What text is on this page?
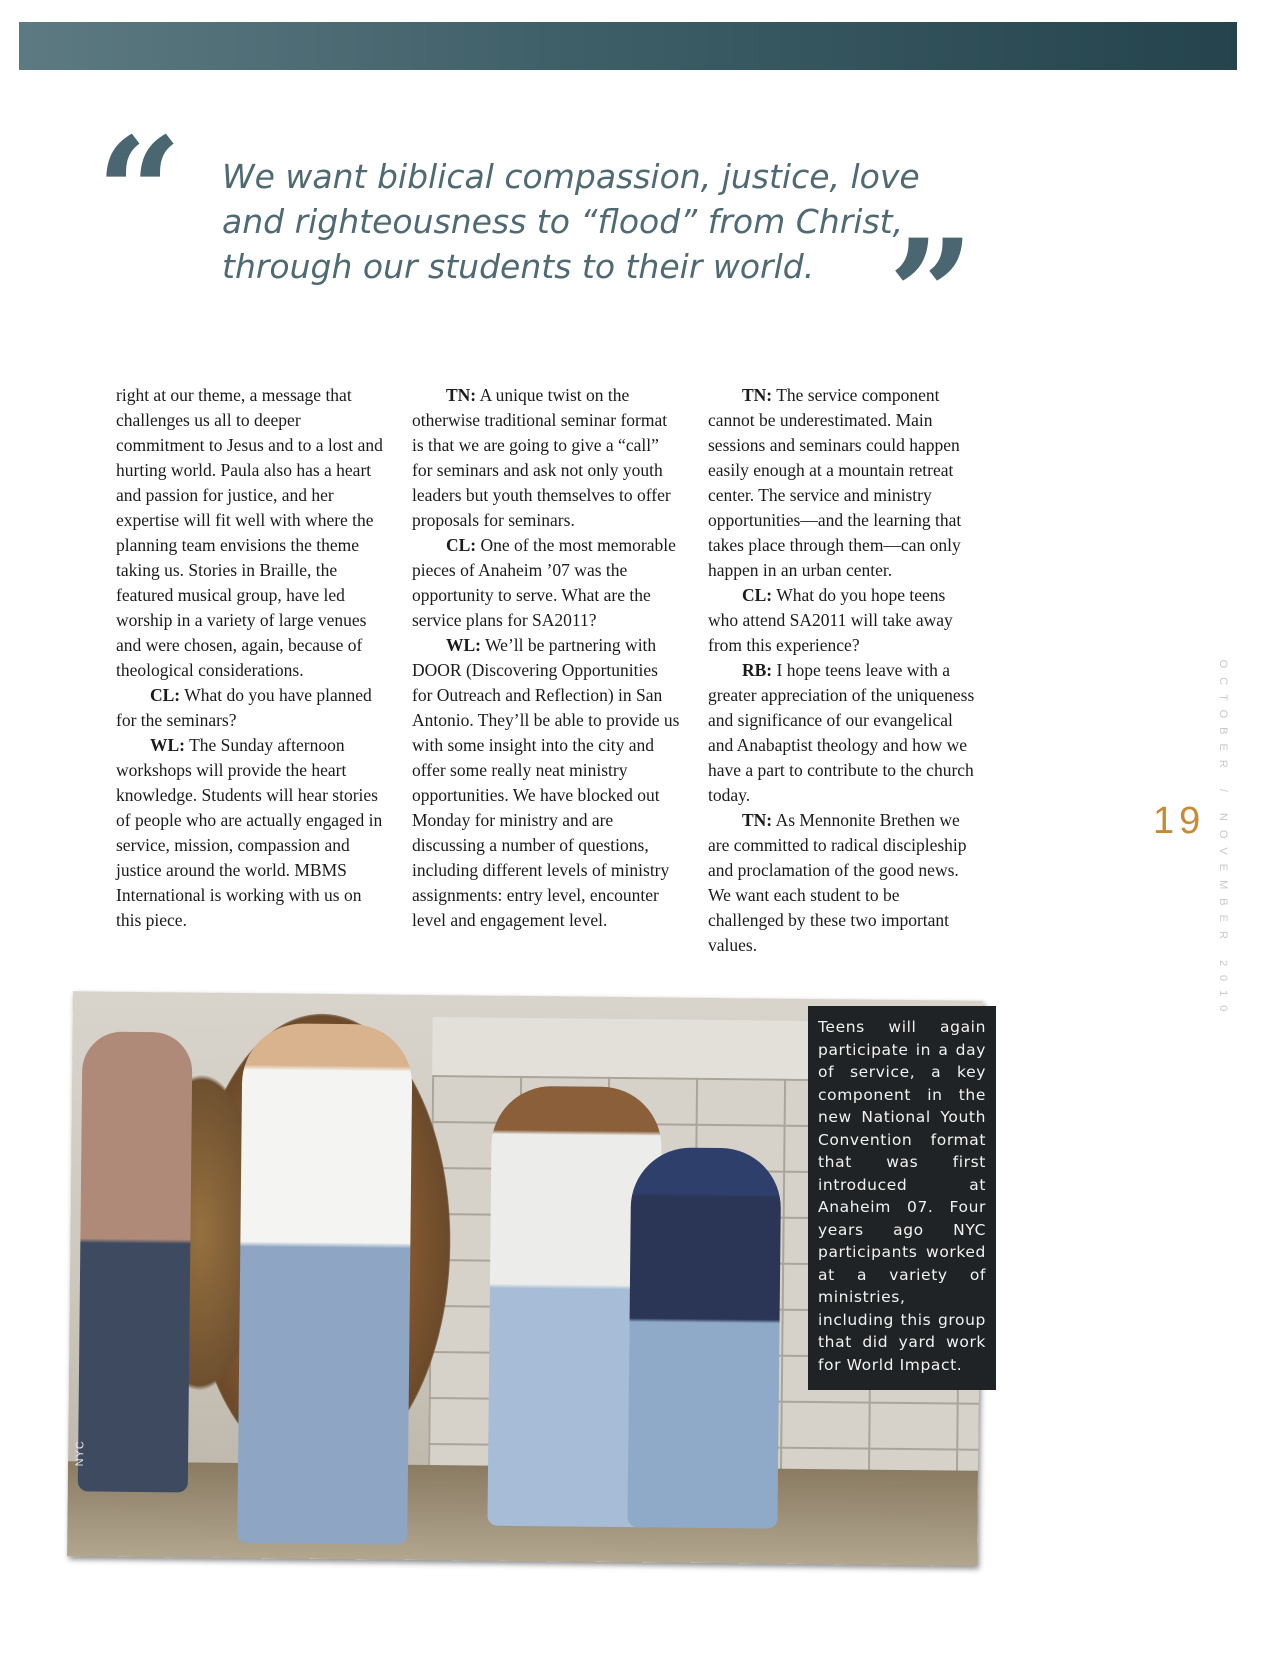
“ We want biblical compassion, justice, love
and righteousness to “flood” from Christ,
through our students to their world. ”

right at our theme, a message that challenges us all to deeper commitment to Jesus and to a lost and hurting world. Paula also has a heart and passion for justice, and her expertise will fit well with where the planning team envisions the theme taking us. Stories in Braille, the featured musical group, have led worship in a variety of large venues and were chosen, again, because of theological considerations.

CL: What do you have planned for the seminars?

WL: The Sunday afternoon workshops will provide the heart knowledge. Students will hear stories of people who are actually engaged in service, mission, compassion and justice around the world. MBMS International is working with us on this piece.

TN: A unique twist on the otherwise traditional seminar format is that we are going to give a “call” for seminars and ask not only youth leaders but youth themselves to offer proposals for seminars.

CL: One of the most memorable pieces of Anaheim ’07 was the opportunity to serve. What are the service plans for SA2011?

WL: We’ll be partnering with DOOR (Discovering Opportunities for Outreach and Reflection) in San Antonio. They’ll be able to provide us with some insight into the city and offer some really neat ministry opportunities. We have blocked out Monday for ministry and are discussing a number of questions, including different levels of ministry assignments: entry level, encounter level and engagement level.

TN: The service component cannot be underestimated. Main sessions and seminars could happen easily enough at a mountain retreat center. The service and ministry opportunities—and the learning that takes place through them—can only happen in an urban center.

CL: What do you hope teens who attend SA2011 will take away from this experience?

RB: I hope teens leave with a greater appreciation of the uniqueness and significance of our evangelical and Anabaptist theology and how we have a part to contribute to the church today.

TN: As Mennonite Brethen we are committed to radical discipleship and proclamation of the good news. We want each student to be challenged by these two important values.

19 OCTOBER / NOVEMBER 2010
NYC
Teens will again participate in a day of service, a key component in the new National Youth Convention format that was first introduced at Anaheim 07. Four years ago NYC participants worked at a variety of ministries, including this group that did yard work for World Impact.
